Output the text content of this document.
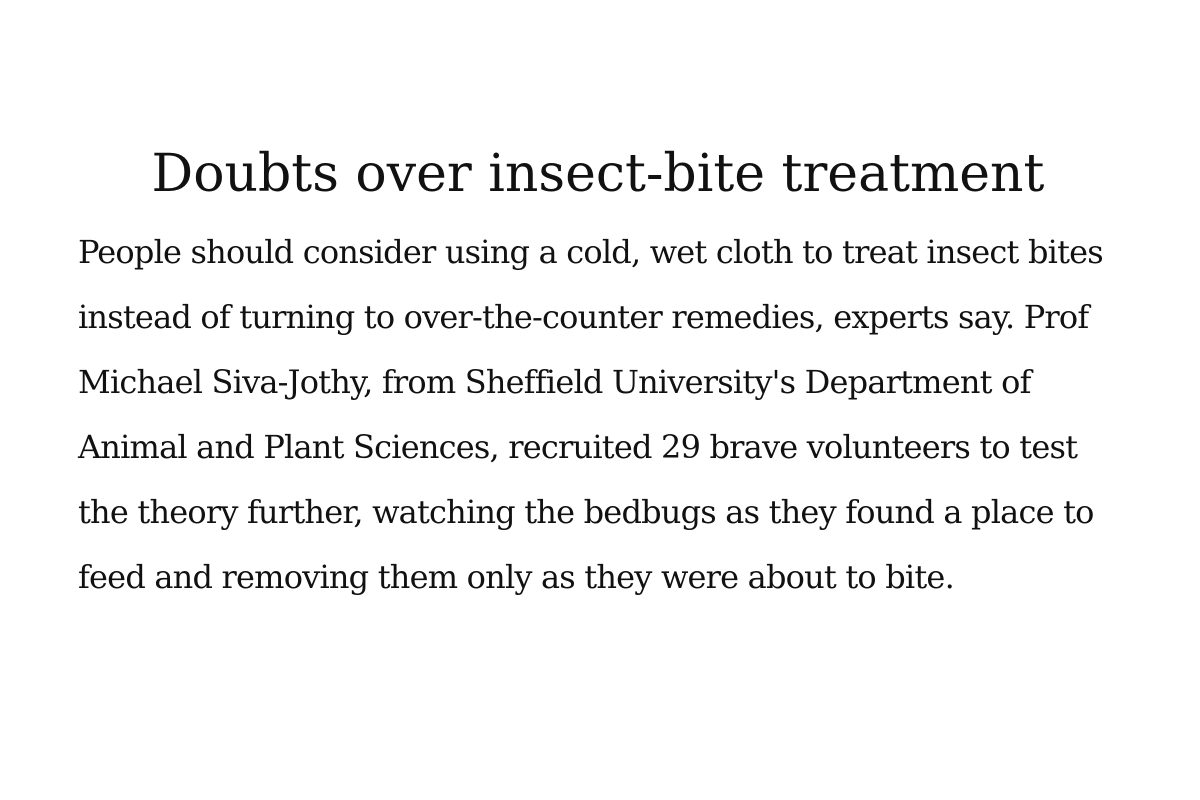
Doubts over insect-bite treatment

People should consider using a cold, wet cloth to treat insect bites instead of turning to over-the-counter remedies, experts say. Prof Michael Siva-Jothy, from Sheffield University's Department of Animal and Plant Sciences, recruited 29 brave volunteers to test the theory further, watching the bedbugs as they found a place to feed and removing them only as they were about to bite.
